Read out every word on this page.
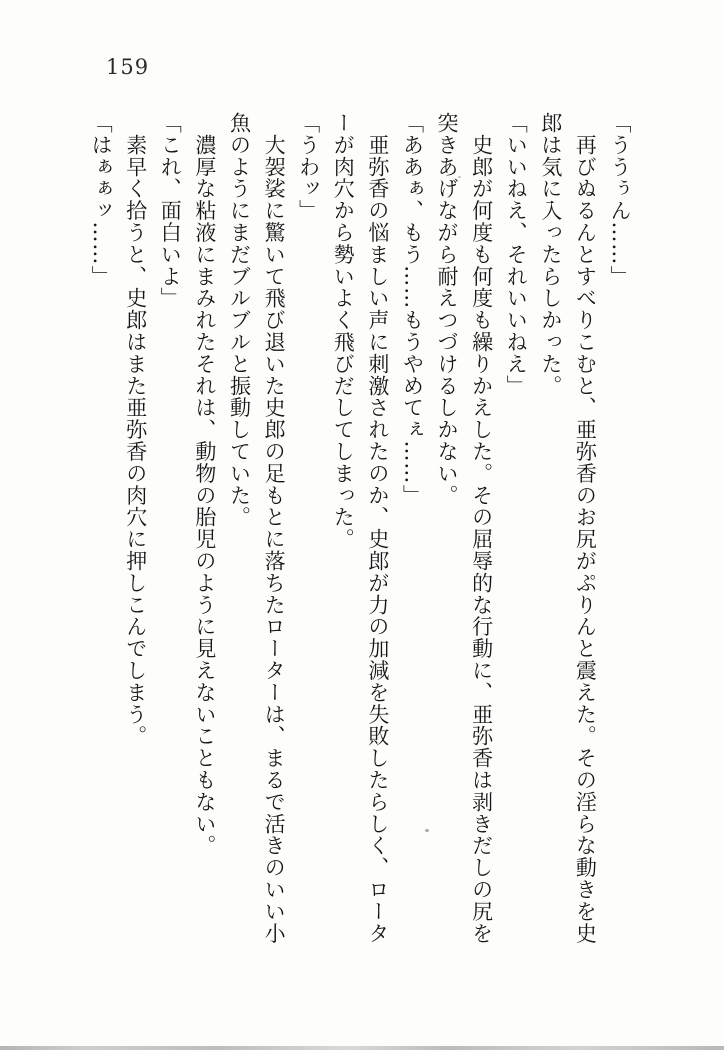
159

「ううぅん……」

　再びぬるんとすべりこむと、亜弥香のお尻がぷりんと震えた。その淫らな動きを史

郎は気に入ったらしかった。

「いいねえ、それいいねえ」

　史郎が何度も何度も繰りかえした。その屈辱的な行動に、亜弥香は剥きだしの尻を

突きあげながら耐えつづけるしかない。

「ああぁ、もう……もうやめてぇ……」

　亜弥香の悩ましい声に刺激されたのか、史郎が力の加減を失敗したらしく、ロータ

ーが肉穴から勢いよく飛びだしてしまった。

「うわッ」

　大袈裟に驚いて飛び退いた史郎の足もとに落ちたローターは、まるで活きのいい小

魚のようにまだブルブルと振動していた。

　濃厚な粘液にまみれたそれは、動物の胎児のように見えないこともない。

「これ、面白いよ」

　素早く拾うと、史郎はまた亜弥香の肉穴に押しこんでしまう。

「はぁぁッ……」
